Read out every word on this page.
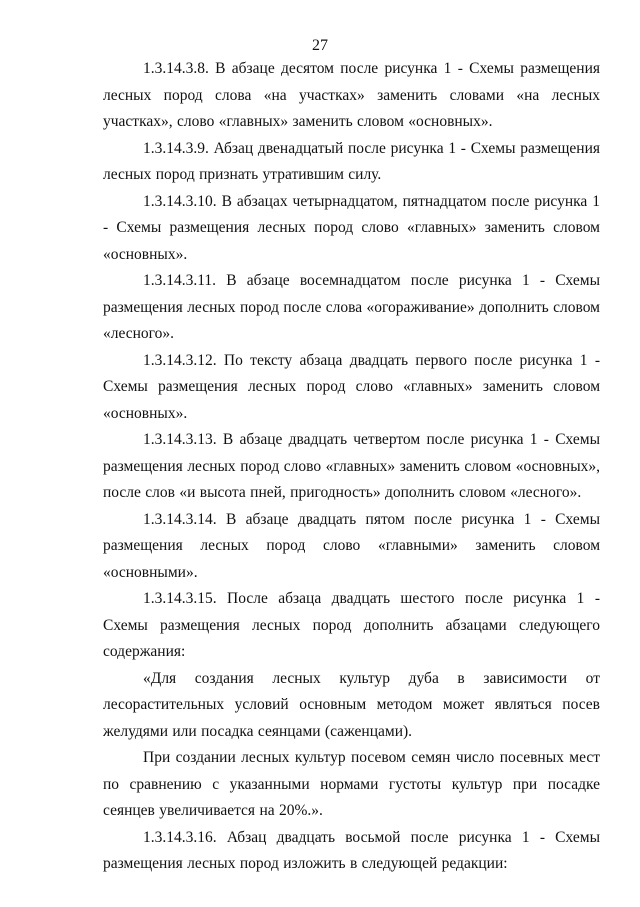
27

1.3.14.3.8. В абзаце десятом после рисунка 1 - Схемы размещения лесных пород слова «на участках» заменить словами «на лесных участках», слово «главных» заменить словом «основных».

1.3.14.3.9. Абзац двенадцатый после рисунка 1 - Схемы размещения лесных пород признать утратившим силу.

1.3.14.3.10. В абзацах четырнадцатом, пятнадцатом после рисунка 1 - Схемы размещения лесных пород слово «главных» заменить словом «основных».

1.3.14.3.11. В абзаце восемнадцатом после рисунка 1 - Схемы размещения лесных пород после слова «огораживание» дополнить словом «лесного».

1.3.14.3.12. По тексту абзаца двадцать первого после рисунка 1 - Схемы размещения лесных пород слово «главных» заменить словом «основных».

1.3.14.3.13. В абзаце двадцать четвертом после рисунка 1 - Схемы размещения лесных пород слово «главных» заменить словом «основных», после слов «и высота пней, пригодность» дополнить словом «лесного».

1.3.14.3.14. В абзаце двадцать пятом после рисунка 1 - Схемы размещения лесных пород слово «главными» заменить словом «основными».

1.3.14.3.15. После абзаца двадцать шестого после рисунка 1 - Схемы размещения лесных пород дополнить абзацами следующего содержания:

«Для создания лесных культур дуба в зависимости от лесорастительных условий основным методом может являться посев желудями или посадка сеянцами (саженцами).

При создании лесных культур посевом семян число посевных мест по сравнению с указанными нормами густоты культур при посадке сеянцев увеличивается на 20%.».

1.3.14.3.16. Абзац двадцать восьмой после рисунка 1 - Схемы размещения лесных пород изложить в следующей редакции:
